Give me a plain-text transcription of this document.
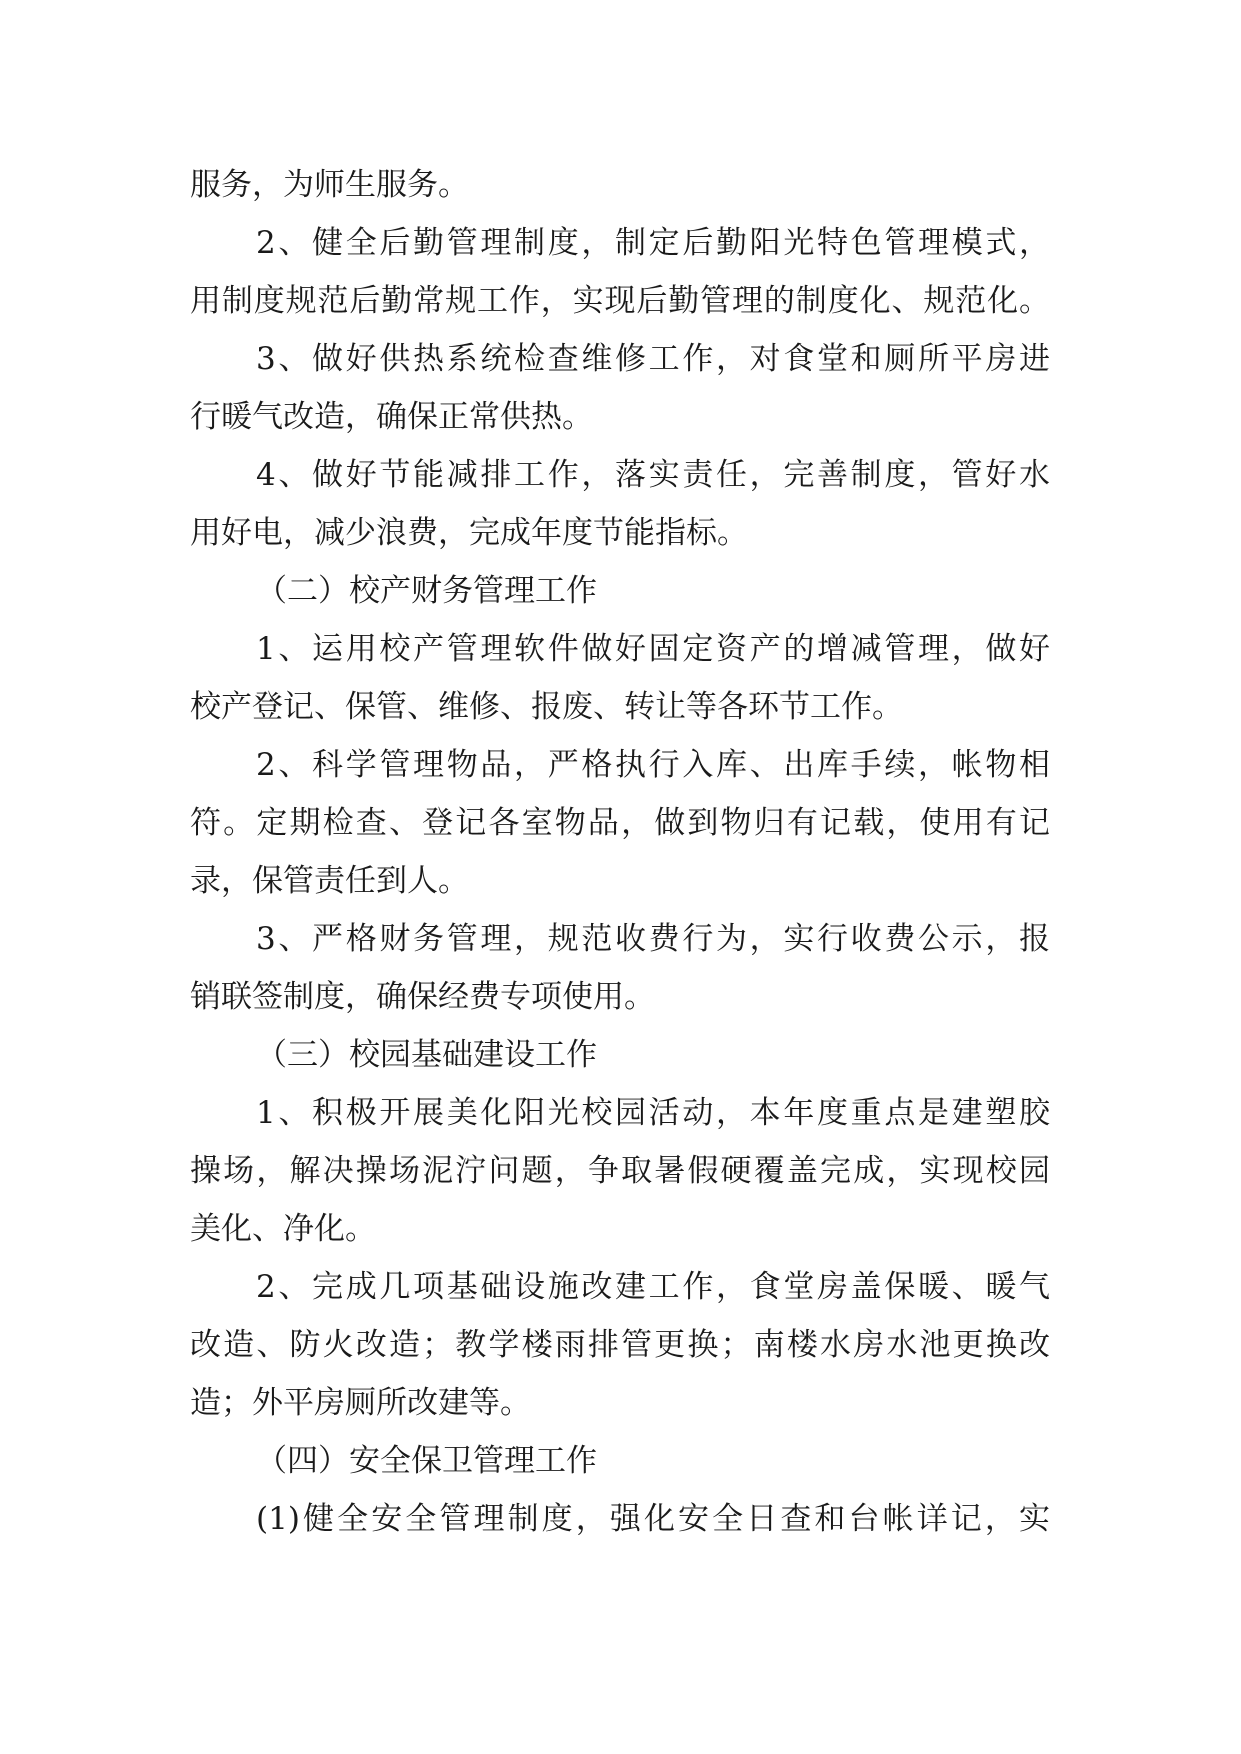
服务，为师生服务。
2、健全后勤管理制度，制定后勤阳光特色管理模式，
用制度规范后勤常规工作，实现后勤管理的制度化、规范化。
3、做好供热系统检查维修工作，对食堂和厕所平房进
行暖气改造，确保正常供热。
4、做好节能减排工作，落实责任，完善制度，管好水
用好电，减少浪费，完成年度节能指标。
（二）校产财务管理工作
1、运用校产管理软件做好固定资产的增减管理，做好
校产登记、保管、维修、报废、转让等各环节工作。
2、科学管理物品，严格执行入库、出库手续，帐物相
符。定期检查、登记各室物品，做到物归有记载，使用有记
录，保管责任到人。
3、严格财务管理，规范收费行为，实行收费公示，报
销联签制度，确保经费专项使用。
（三）校园基础建设工作
1、积极开展美化阳光校园活动，本年度重点是建塑胶
操场，解决操场泥泞问题，争取暑假硬覆盖完成，实现校园
美化、净化。
2、完成几项基础设施改建工作，食堂房盖保暖、暖气
改造、防火改造；教学楼雨排管更换；南楼水房水池更换改
造；外平房厕所改建等。
（四）安全保卫管理工作
(1)健全安全管理制度，强化安全日查和台帐详记，实
